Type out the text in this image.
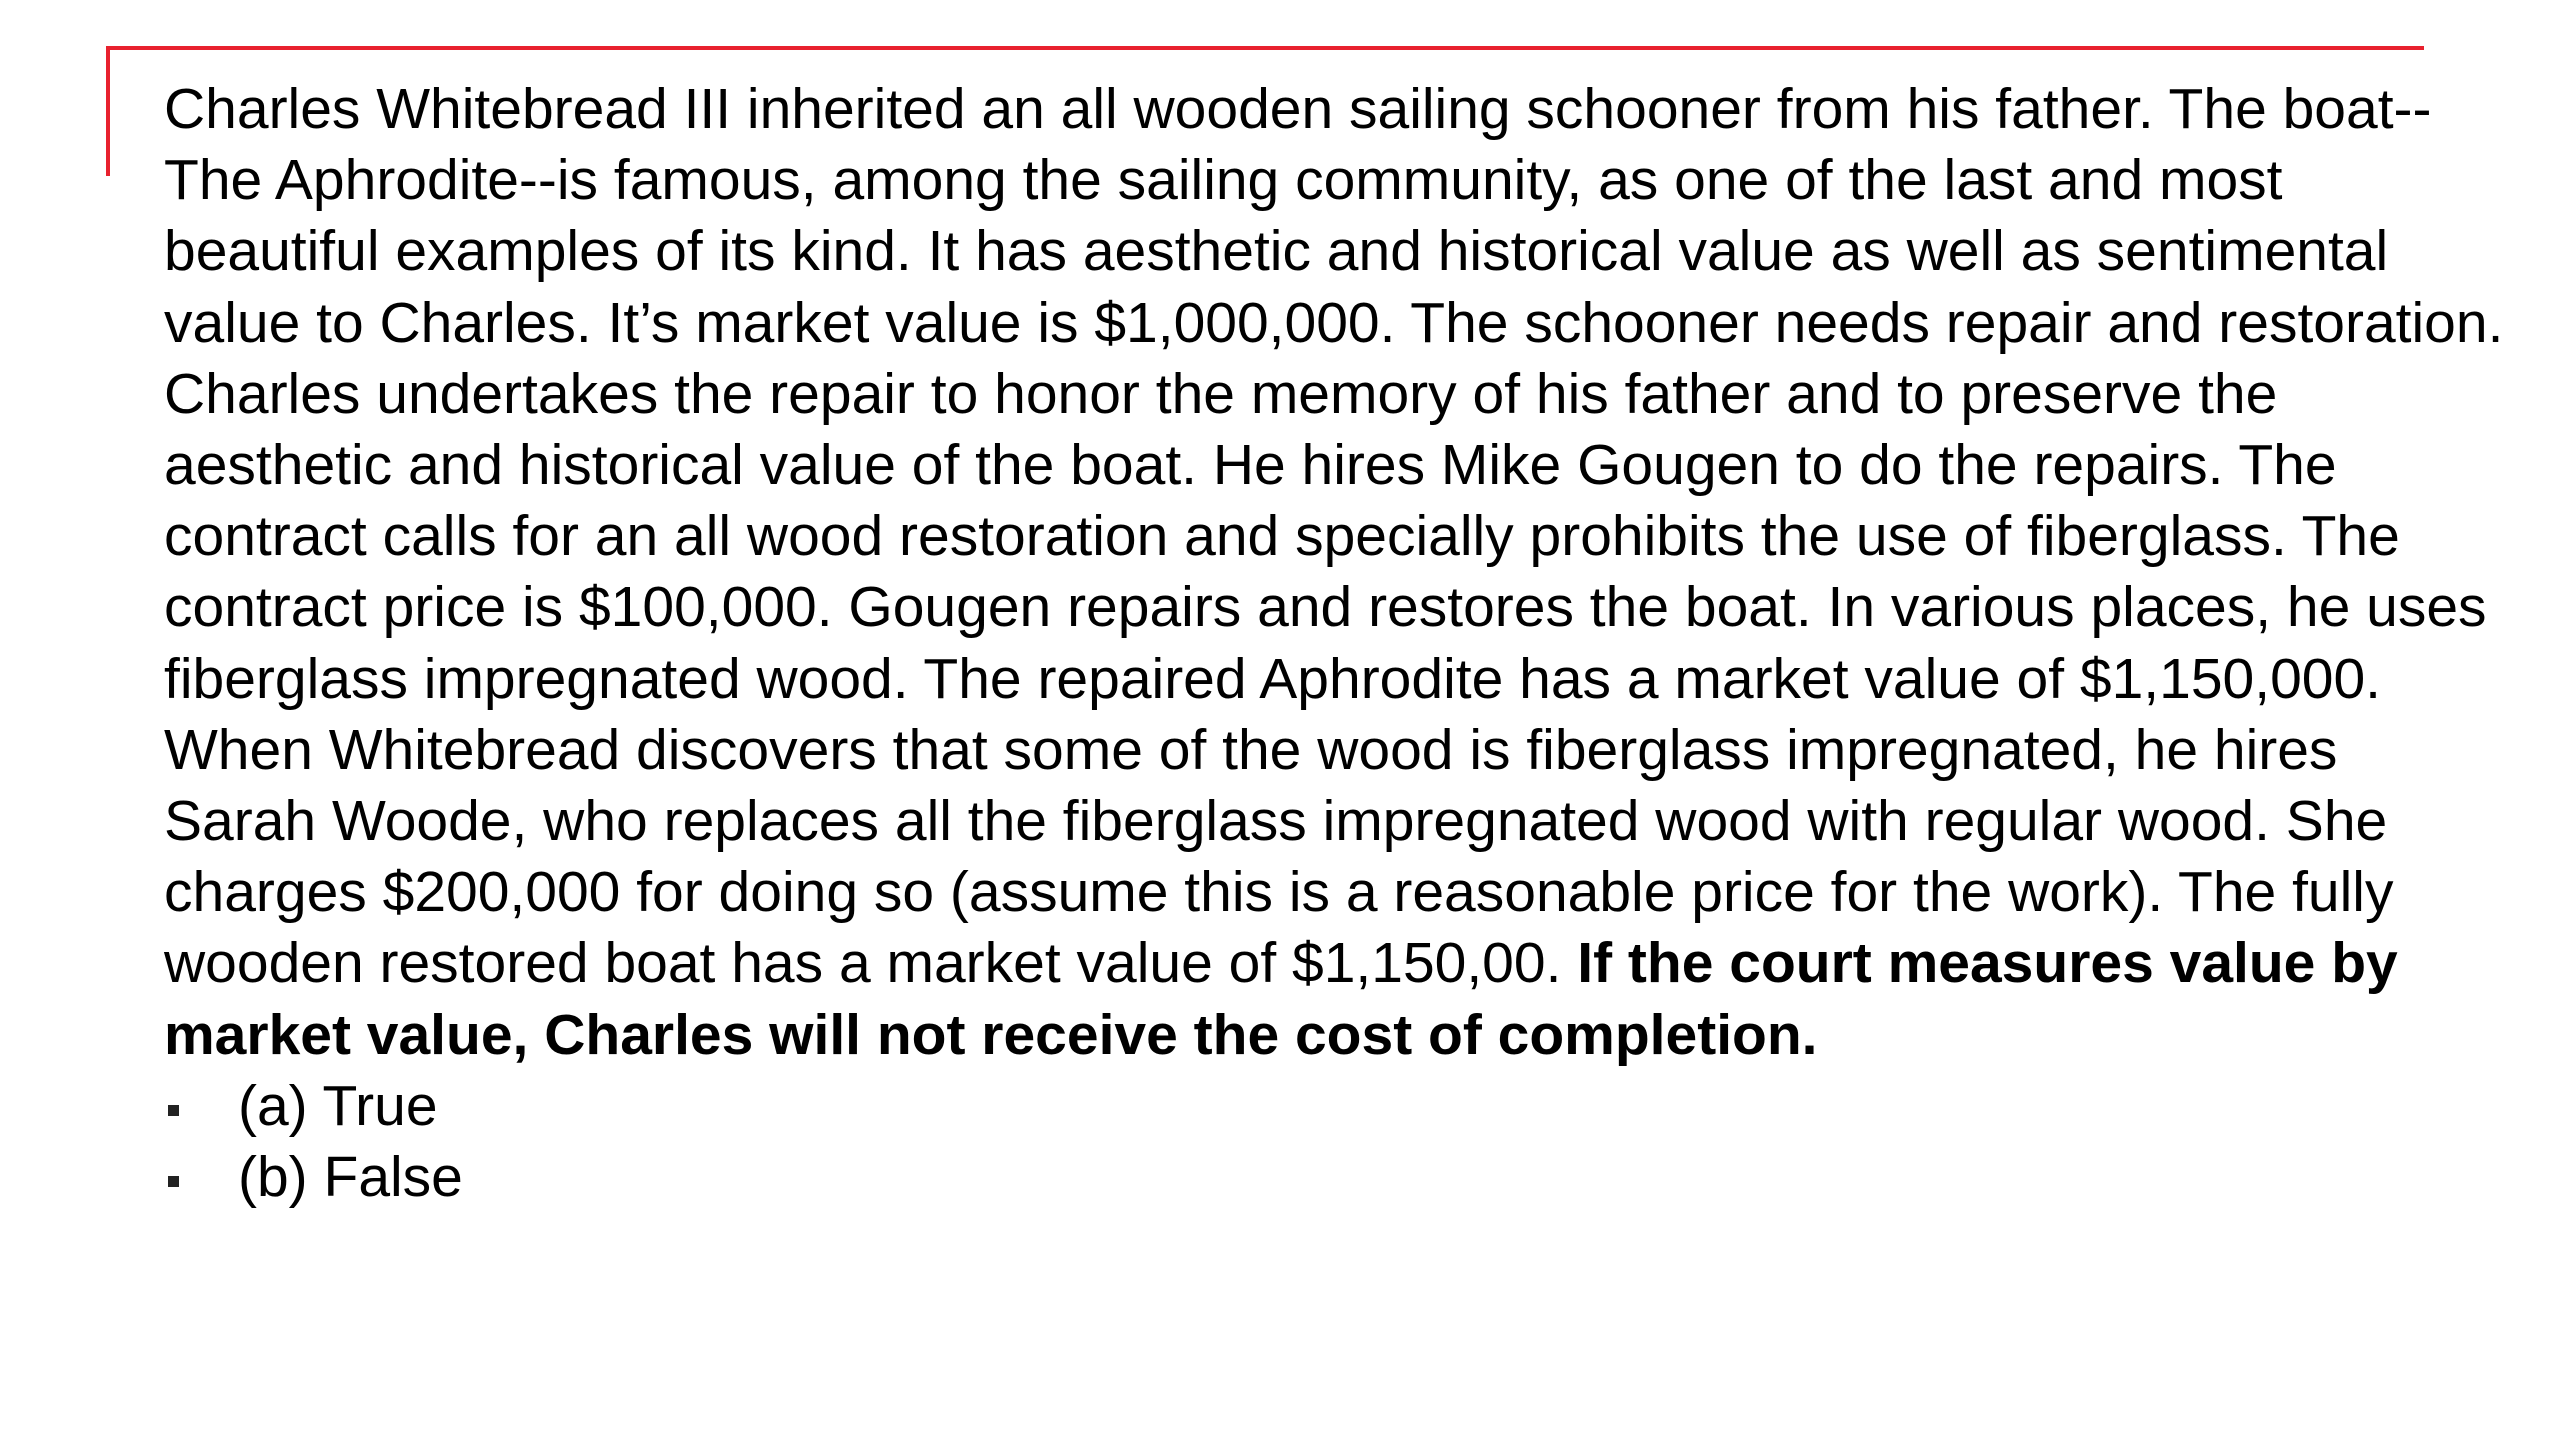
Charles Whitebread III inherited an all wooden sailing schooner from his father. The boat--The Aphrodite--is famous, among the sailing community, as one of the last and most beautiful examples of its kind. It has aesthetic and historical value as well as sentimental value to Charles. It’s market value is $1,000,000. The schooner needs repair and restoration. Charles undertakes the repair to honor the memory of his father and to preserve the aesthetic and historical value of the boat. He hires Mike Gougen to do the repairs. The contract calls for an all wood restoration and specially prohibits the use of fiberglass. The contract price is $100,000. Gougen repairs and restores the boat. In various places, he uses fiberglass impregnated wood. The repaired Aphrodite has a market value of $1,150,000. When Whitebread discovers that some of the wood is fiberglass impregnated, he hires Sarah Woode, who replaces all the fiberglass impregnated wood with regular wood. She charges $200,000 for doing so (assume this is a reasonable price for the work). The fully wooden restored boat has a market value of $1,150,00. If the court measures value by market value, Charles will not receive the cost of completion.

(a) True
(b) False
